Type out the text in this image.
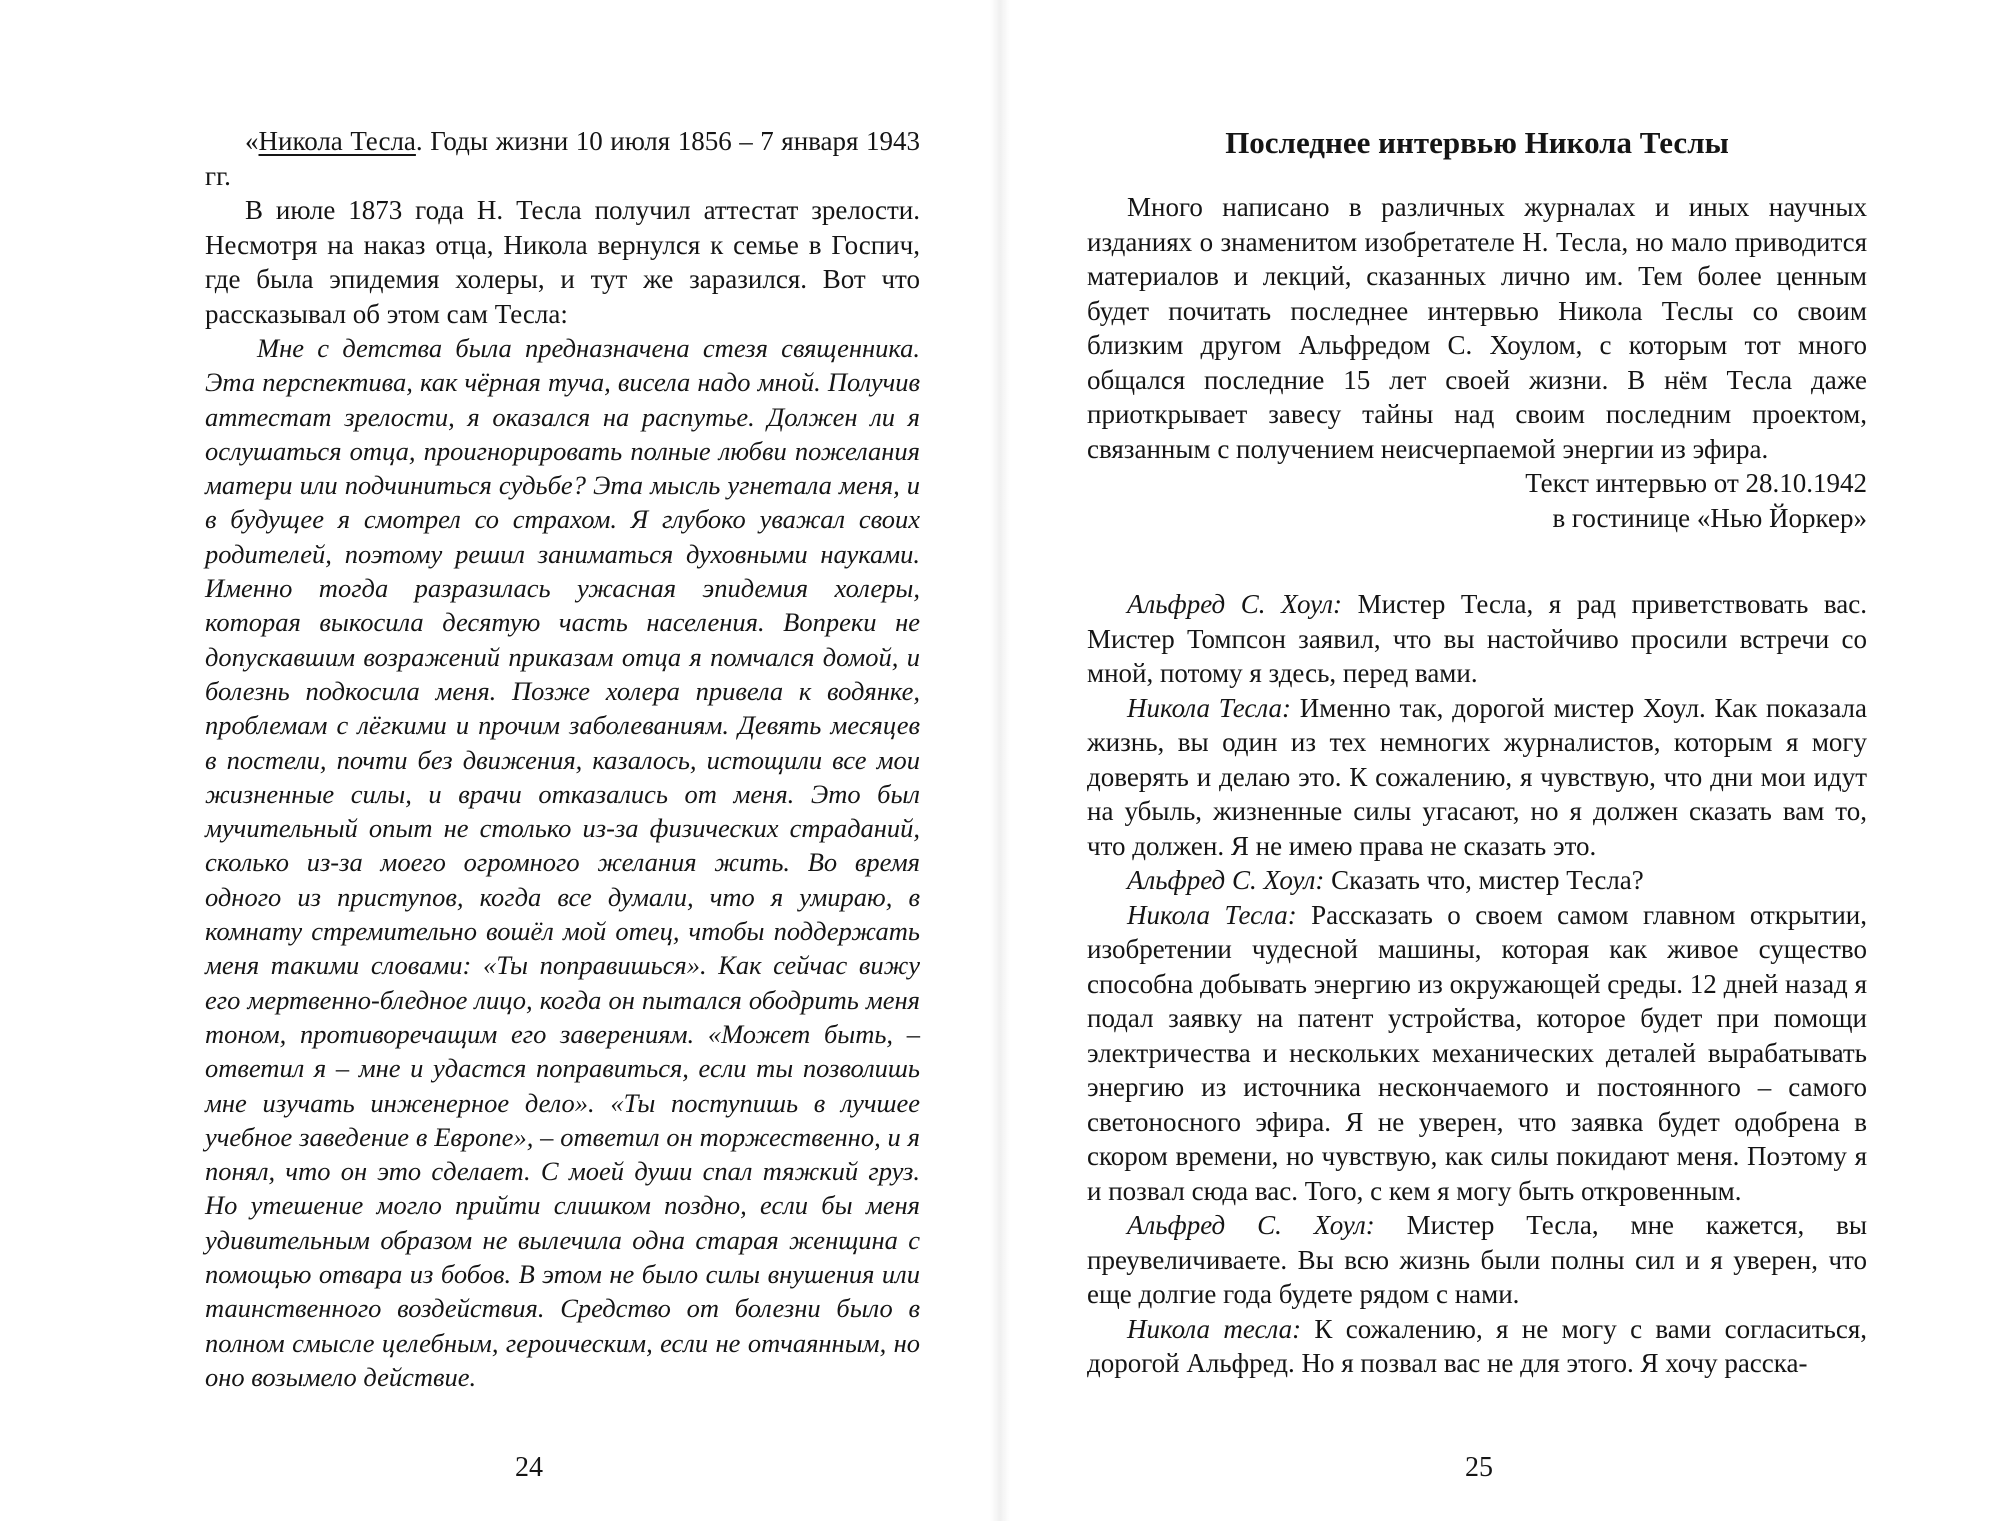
«Никола Тесла. Годы жизни 10 июля 1856 – 7 января 1943 гг.

В июле 1873 года Н. Тесла получил аттестат зрелости. Несмотря на наказ отца, Никола вернулся к семье в Госпич, где была эпидемия холеры, и тут же заразился. Вот что рассказывал об этом сам Тесла:

Мне с детства была предназначена стезя священника. Эта перспектива, как чёрная туча, висела надо мной. Получив аттестат зрелости, я оказался на распутье. Должен ли я ослушаться отца, проигнорировать полные любви пожелания матери или подчиниться судьбе? Эта мысль угнетала меня, и в будущее я смотрел со страхом. Я глубоко уважал своих родителей, поэтому решил заниматься духовными науками. Именно тогда разразилась ужасная эпидемия холеры, которая выкосила десятую часть населения. Вопреки не допускавшим возражений приказам отца я помчался домой, и болезнь подкосила меня. Позже холера привела к водянке, проблемам с лёгкими и прочим заболеваниям. Девять месяцев в постели, почти без движения, казалось, истощили все мои жизненные силы, и врачи отказались от меня. Это был мучительный опыт не столько из-за физических страданий, сколько из-за моего огромного желания жить. Во время одного из приступов, когда все думали, что я умираю, в комнату стремительно вошёл мой отец, чтобы поддержать меня такими словами: «Ты поправишься». Как сейчас вижу его мертвенно-бледное лицо, когда он пытался ободрить меня тоном, противоречащим его заверениям. «Может быть, – ответил я – мне и удастся поправиться, если ты позволишь мне изучать инженерное дело». «Ты поступишь в лучшее учебное заведение в Европе», – ответил он торжественно, и я понял, что он это сделает. С моей души спал тяжкий груз. Но утешение могло прийти слишком поздно, если бы меня удивительным образом не вылечила одна старая женщина с помощью отвара из бобов. В этом не было силы внушения или таинственного воздействия. Средство от болезни было в полном смысле целебным, героическим, если не отчаянным, но оно возымело действие.

24
Последнее интервью Никола Теслы

Много написано в различных журналах и иных научных изданиях о знаменитом изобретателе Н. Тесла, но мало приводится материалов и лекций, сказанных лично им. Тем более ценным будет почитать последнее интервью Никола Теслы со своим близким другом Альфредом С. Хоулом, с которым тот много общался последние 15 лет своей жизни. В нём Тесла даже приоткрывает завесу тайны над своим последним проектом, связанным с получением неисчерпаемой энергии из эфира.

Текст интервью от 28.10.1942
в гостинице «Нью Йоркер»

Альфред С. Хоул: Мистер Тесла, я рад приветствовать вас. Мистер Томпсон заявил, что вы настойчиво просили встречи со мной, потому я здесь, перед вами.

Никола Тесла: Именно так, дорогой мистер Хоул. Как показала жизнь, вы один из тех немногих журналистов, которым я могу доверять и делаю это. К сожалению, я чувствую, что дни мои идут на убыль, жизненные силы угасают, но я должен сказать вам то, что должен. Я не имею права не сказать это.

Альфред С. Хоул: Сказать что, мистер Тесла?

Никола Тесла: Рассказать о своем самом главном открытии, изобретении чудесной машины, которая как живое существо способна добывать энергию из окружающей среды. 12 дней назад я подал заявку на патент устройства, которое будет при помощи электричества и нескольких механических деталей вырабатывать энергию из источника нескончаемого и постоянного – самого светоносного эфира. Я не уверен, что заявка будет одобрена в скором времени, но чувствую, как силы покидают меня. Поэтому я и позвал сюда вас. Того, с кем я могу быть откровенным.

Альфред С. Хоул: Мистер Тесла, мне кажется, вы преувеличиваете. Вы всю жизнь были полны сил и я уверен, что еще долгие года будете рядом с нами.

Никола тесла: К сожалению, я не могу с вами согласиться, дорогой Альфред. Но я позвал вас не для этого. Я хочу расска-

25
